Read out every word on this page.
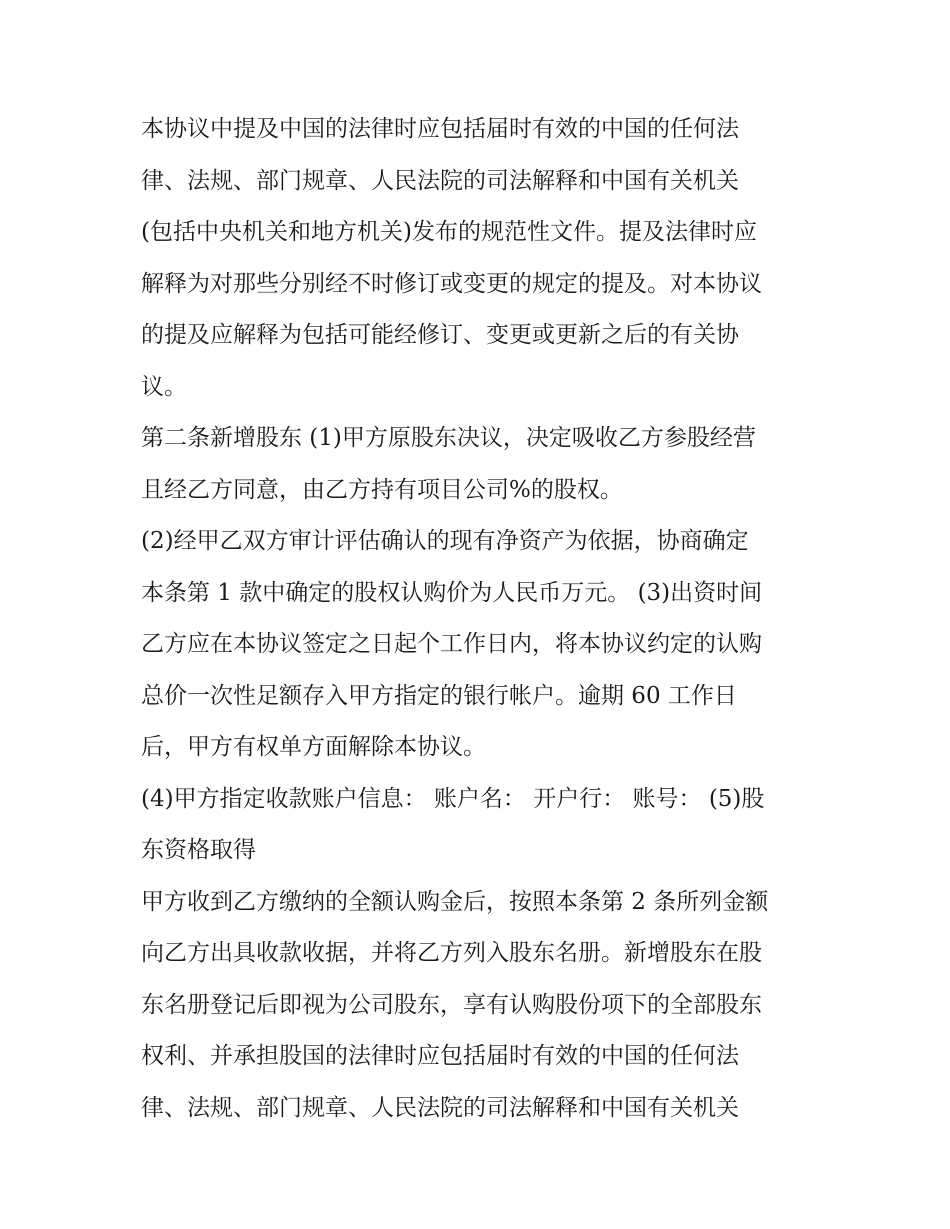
本协议中提及中国的法律时应包括届时有效的中国的任何法
律、法规、部门规章、人民法院的司法解释和中国有关机关
(包括中央机关和地方机关)发布的规范性文件。提及法律时应
解释为对那些分别经不时修订或变更的规定的提及。对本协议
的提及应解释为包括可能经修订、变更或更新之后的有关协
议。
第二条新增股东 (1)甲方原股东决议，决定吸收乙方参股经营
且经乙方同意，由乙方持有项目公司%的股权。
(2)经甲乙双方审计评估确认的现有净资产为依据，协商确定
本条第 1 款中确定的股权认购价为人民币万元。 (3)出资时间
乙方应在本协议签定之日起个工作日内，将本协议约定的认购
总价一次性足额存入甲方指定的银行帐户。逾期 60 工作日
后，甲方有权单方面解除本协议。
(4)甲方指定收款账户信息： 账户名： 开户行： 账号： (5)股
东资格取得
甲方收到乙方缴纳的全额认购金后，按照本条第 2 条所列金额
向乙方出具收款收据，并将乙方列入股东名册。新增股东在股
东名册登记后即视为公司股东，享有认购股份项下的全部股东
权利、并承担股国的法律时应包括届时有效的中国的任何法
律、法规、部门规章、人民法院的司法解释和中国有关机关
